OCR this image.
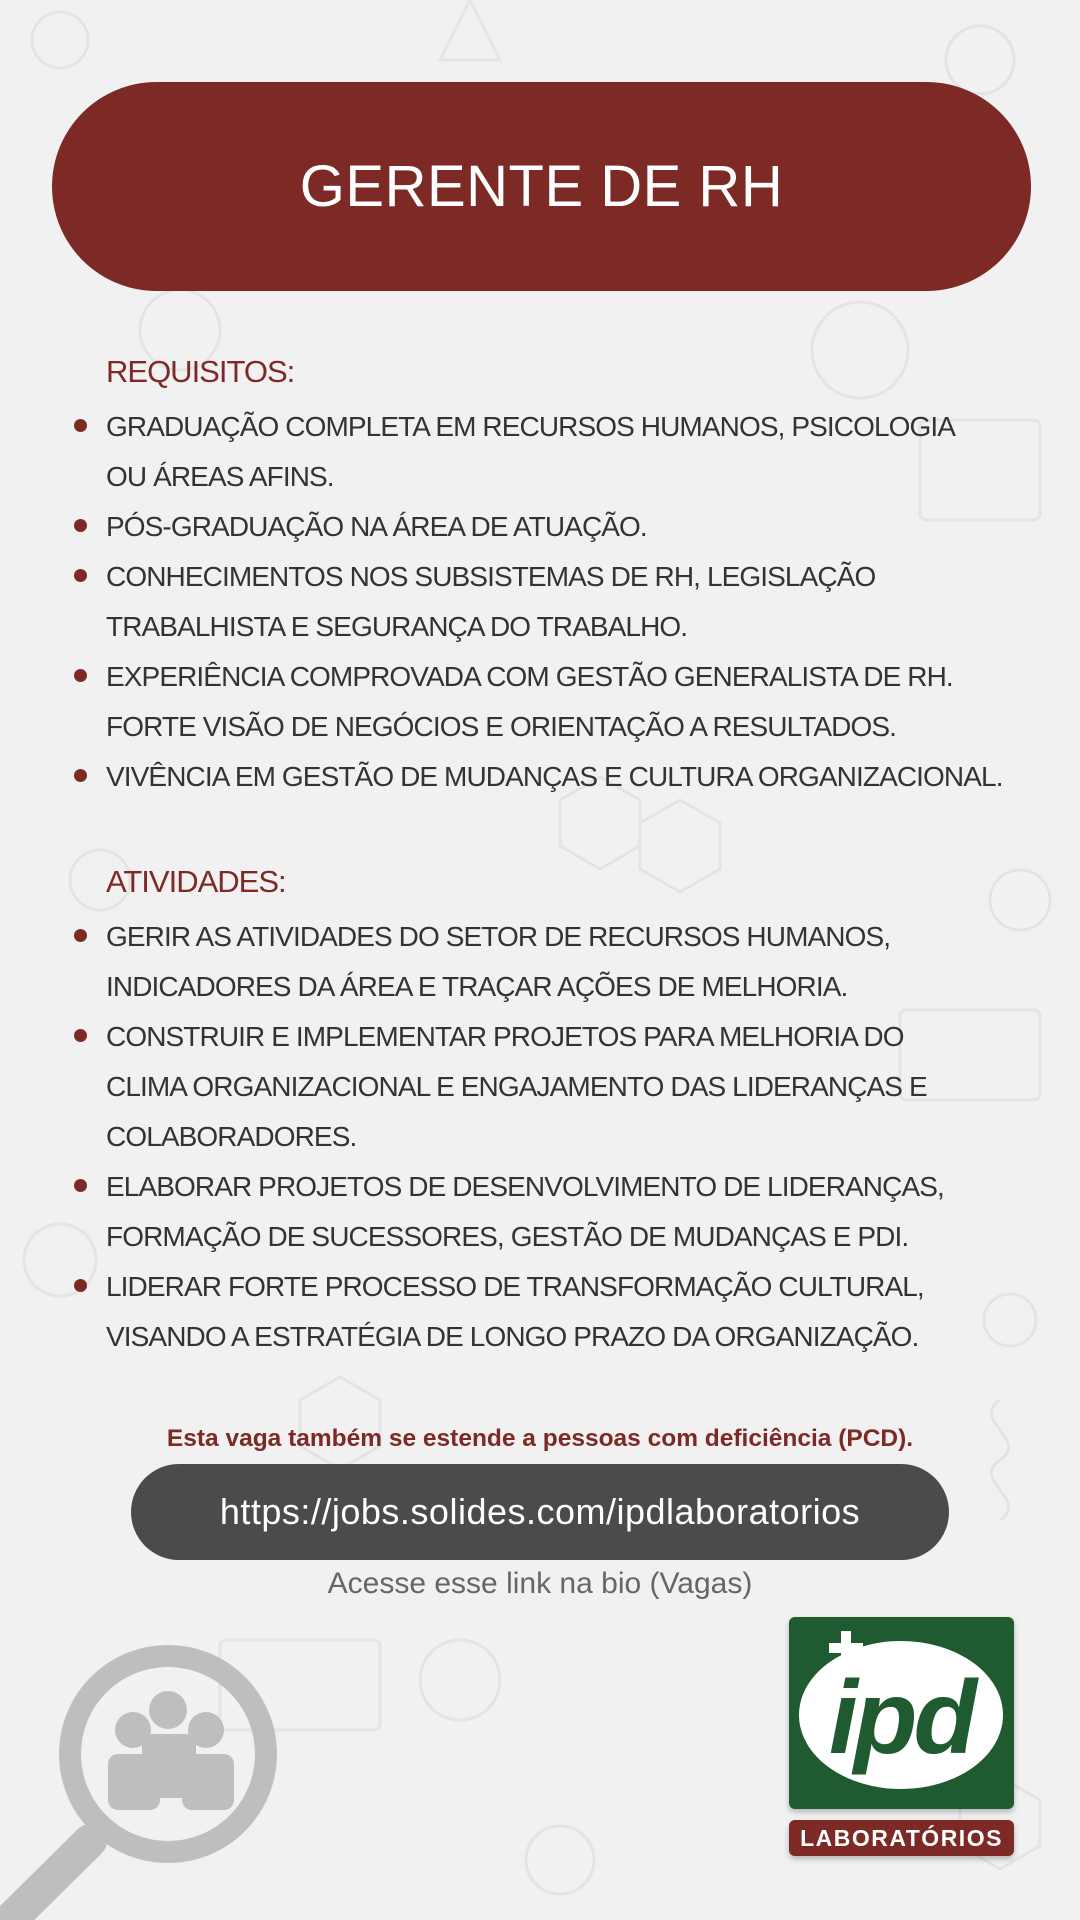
GERENTE DE RH
REQUISITOS:
GRADUAÇÃO COMPLETA EM RECURSOS HUMANOS, PSICOLOGIA
OU ÁREAS AFINS.
PÓS-GRADUAÇÃO NA ÁREA DE ATUAÇÃO.
CONHECIMENTOS NOS SUBSISTEMAS DE RH, LEGISLAÇÃO
TRABALHISTA E SEGURANÇA DO TRABALHO.
EXPERIÊNCIA COMPROVADA COM GESTÃO GENERALISTA DE RH.
FORTE VISÃO DE NEGÓCIOS E ORIENTAÇÃO A RESULTADOS.
VIVÊNCIA EM GESTÃO DE MUDANÇAS E CULTURA ORGANIZACIONAL.
ATIVIDADES:
GERIR AS ATIVIDADES DO SETOR DE RECURSOS HUMANOS,
INDICADORES DA ÁREA E TRAÇAR AÇÕES DE MELHORIA.
CONSTRUIR E IMPLEMENTAR PROJETOS PARA MELHORIA DO
CLIMA ORGANIZACIONAL E ENGAJAMENTO DAS LIDERANÇAS E
COLABORADORES.
ELABORAR PROJETOS DE DESENVOLVIMENTO DE LIDERANÇAS,
FORMAÇÃO DE SUCESSORES, GESTÃO DE MUDANÇAS E PDI.
LIDERAR FORTE PROCESSO DE TRANSFORMAÇÃO CULTURAL,
VISANDO A ESTRATÉGIA DE LONGO PRAZO DA ORGANIZAÇÃO.
Esta vaga também se estende a pessoas com deficiência (PCD).
https://jobs.solides.com/ipdlaboratorios
Acesse esse link na bio (Vagas)
ipd
LABORATÓRIOS
